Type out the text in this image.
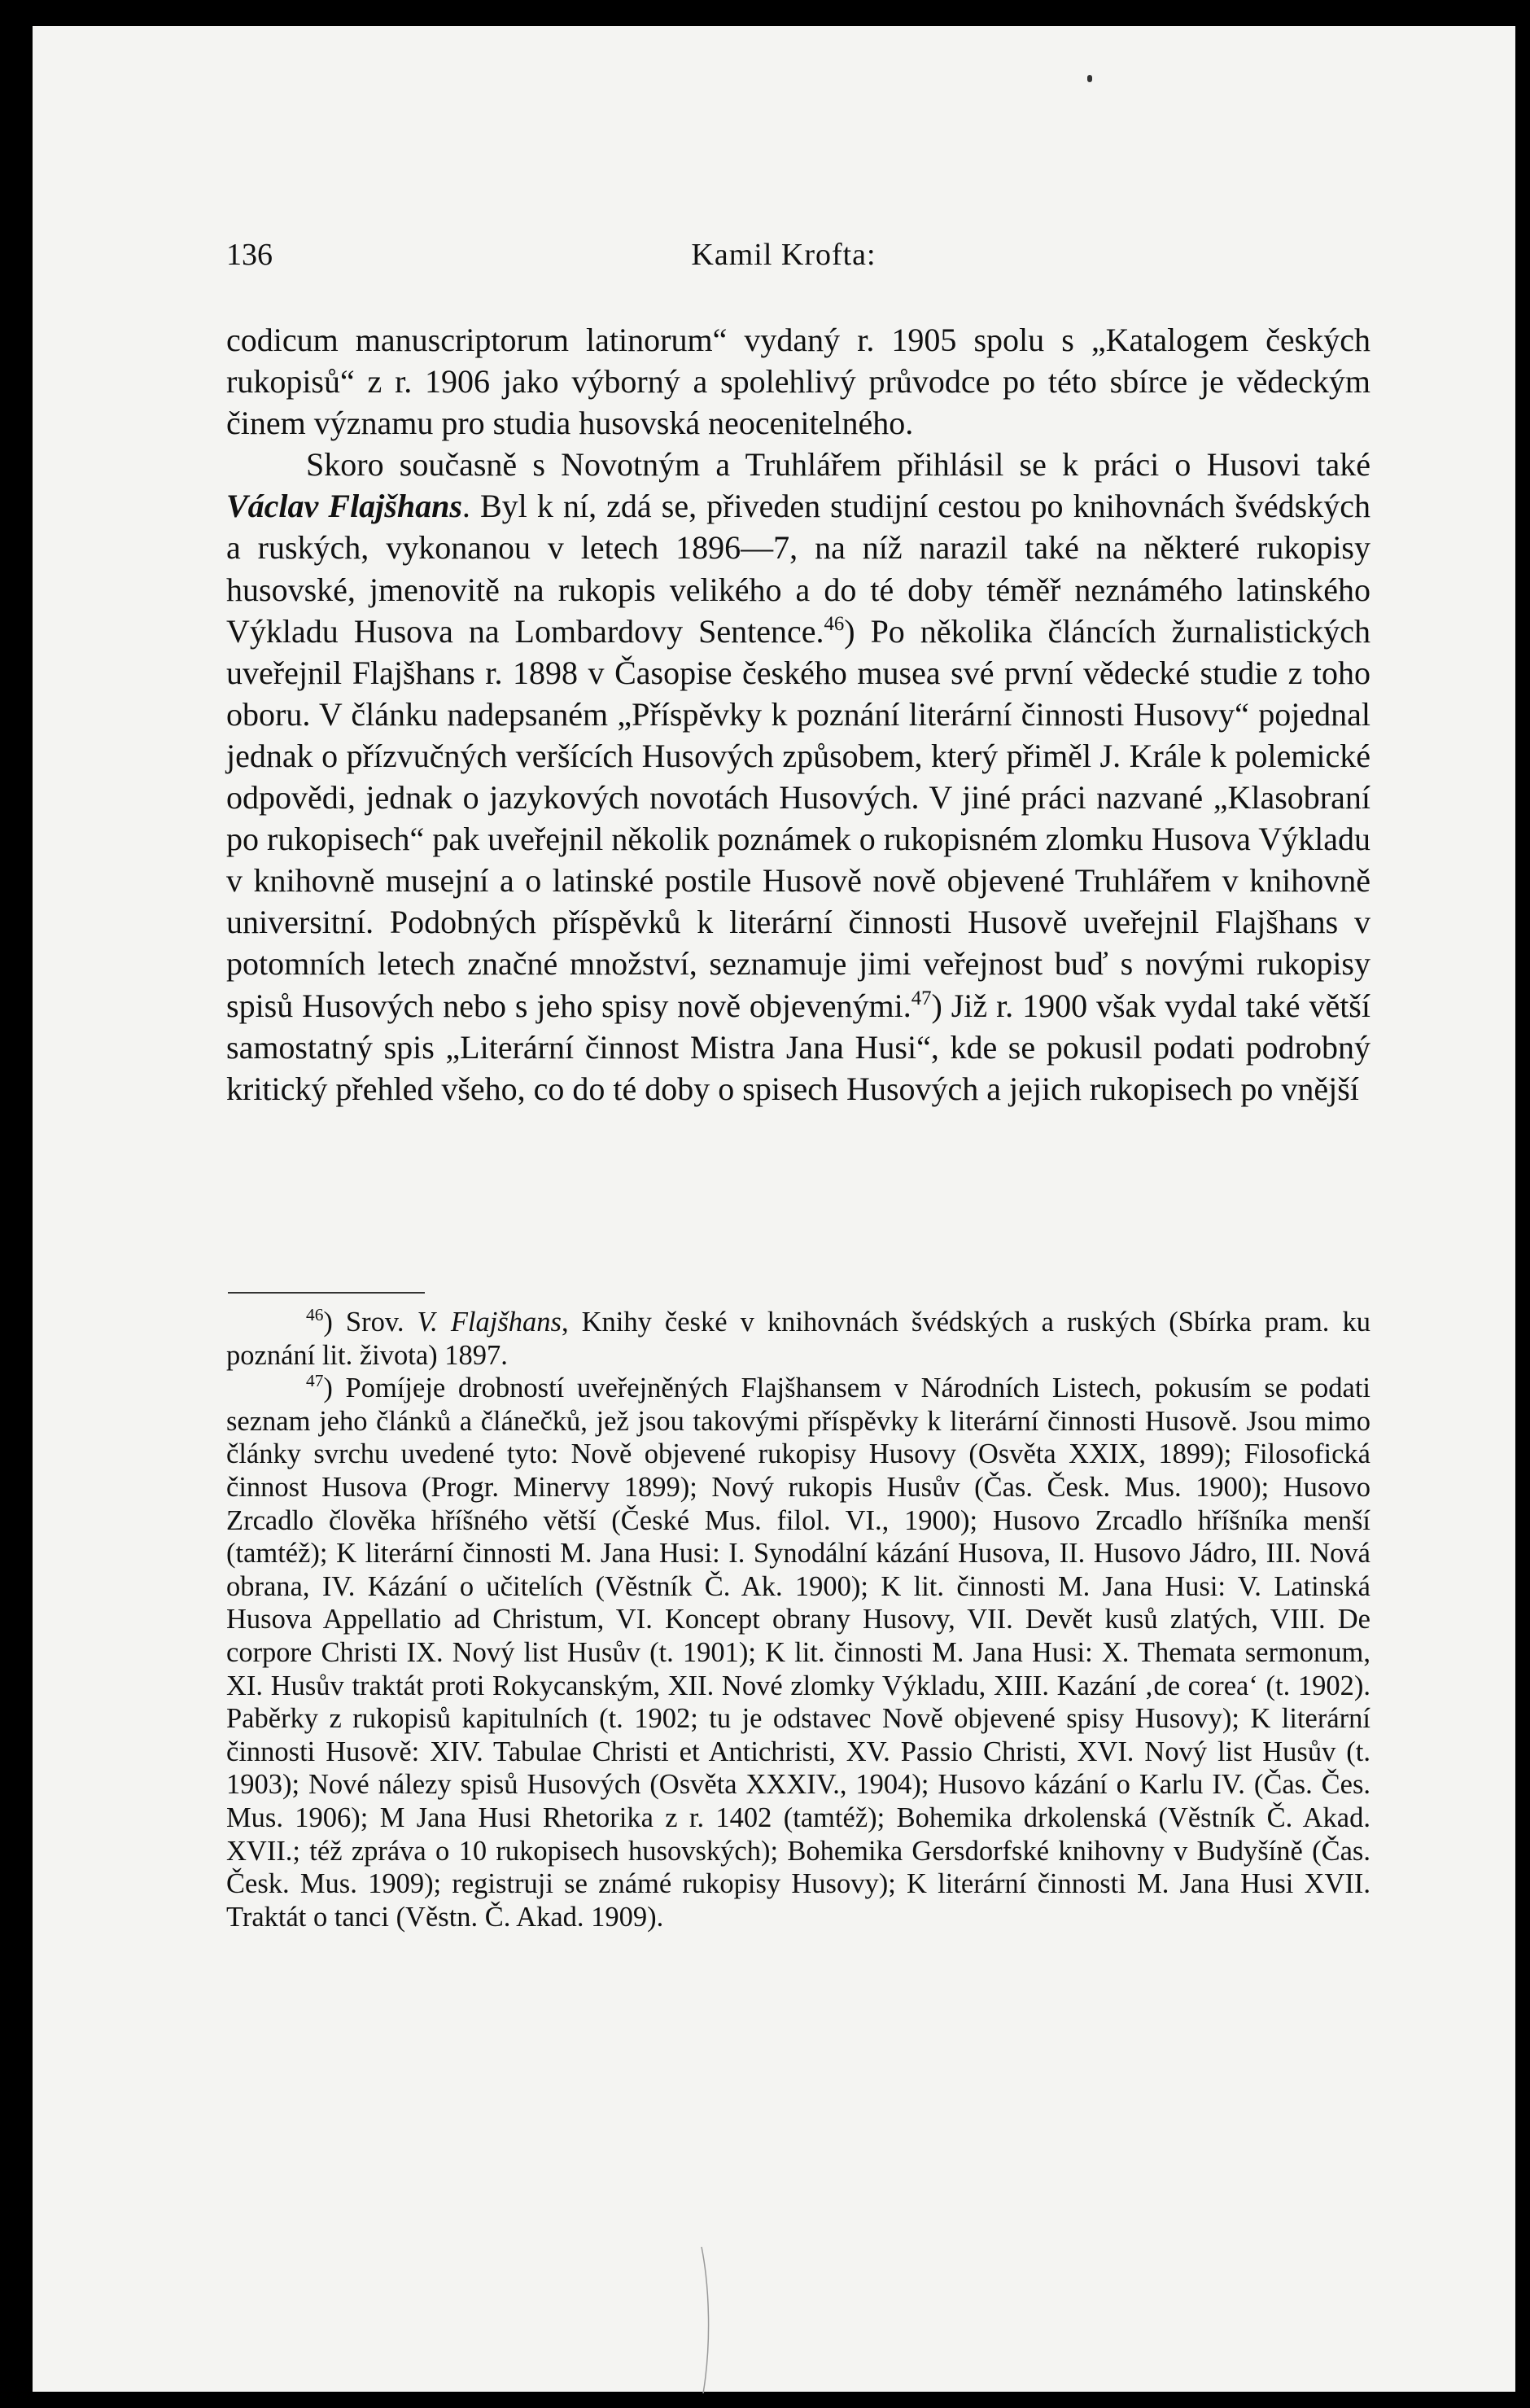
136	Kamil Krofta:

codicum manuscriptorum latinorum“ vydaný r. 1905 spolu s „Katalogem českých rukopisů“ z r. 1906 jako výborný a spolehlivý průvodce po této sbírce je vědeckým činem významu pro studia husovská neocenitelného.

Skoro současně s Novotným a Truhlářem přihlásil se k práci o Husovi také Václav Flajšhans. Byl k ní, zdá se, přiveden studijní cestou po knihovnách švédských a ruských, vykonanou v letech 1896—7, na níž narazil také na některé rukopisy husovské, jmenovitě na rukopis velikého a do té doby téměř neznámého latinského Výkladu Husova na Lombardovy Sentence.$^{46}$) Po několika článcích žurnalistických uveřejnil Flajšhans r. 1898 v Časopise českého musea své první vědecké studie z toho oboru. V článku nadepsaném „Příspěvky k poznání literární činnosti Husovy“ pojednal jednak o přízvučných veršících Husových způsobem, který přiměl J. Krále k polemické odpovědi, jednak o jazykových novotách Husových. V jiné práci nazvané „Klasobraní po rukopisech“ pak uveřejnil několik poznámek o rukopisném zlomku Husova Výkladu v knihovně musejní a o latinské postile Husově nově objevené Truhlářem v knihovně universitní. Podobných příspěvků k literární činnosti Husově uveřejnil Flajšhans v potomních letech značné množství, seznamuje jimi veřejnost buď s novými rukopisy spisů Husových nebo s jeho spisy nově objevenými.$^{47}$) Již r. 1900 však vydal také větší samostatný spis „Literární činnost Mistra Jana Husi“, kde se pokusil podati podrobný kritický přehled všeho, co do té doby o spisech Husových a jejich rukopisech po vnější

$^{46}$) Srov. V. Flajšhans, Knihy české v knihovnách švédských a ruských (Sbírka pram. ku poznání lit. života) 1897.

$^{47}$) Pomíjeje drobností uveřejněných Flajšhansem v Národních Listech, pokusím se podati seznam jeho článků a článečků, jež jsou takovými příspěvky k literární činnosti Husově. Jsou mimo články svrchu uvedené tyto: Nově objevené rukopisy Husovy (Osvěta XXIX, 1899); Filosofická činnost Husova (Progr. Minervy 1899); Nový rukopis Husův (Čas. Česk. Mus. 1900); Husovo Zrcadlo člověka hříšného větší (České Mus. filol. VI., 1900); Husovo Zrcadlo hříšníka menší (tamtéž); K literární činnosti M. Jana Husi: I. Synodální kázání Husova, II. Husovo Jádro, III. Nová obrana, IV. Kázání o učitelích (Věstník Č. Ak. 1900); K lit. činnosti M. Jana Husi: V. Latinská Husova Appellatio ad Christum, VI. Koncept obrany Husovy, VII. Devět kusů zlatých, VIII. De corpore Christi IX. Nový list Husův (t. 1901); K lit. činnosti M. Jana Husi: X. Themata sermonum, XI. Husův traktát proti Rokycanským, XII. Nové zlomky Výkladu, XIII. Kazání ‚de corea‘ (t. 1902). Paběrky z rukopisů kapitulních (t. 1902; tu je odstavec Nově objevené spisy Husovy); K literární činnosti Husově: XIV. Tabulae Christi et Antichristi, XV. Passio Christi, XVI. Nový list Husův (t. 1903); Nové nálezy spisů Husových (Osvěta XXXIV., 1904); Husovo kázání o Karlu IV. (Čas. Čes. Mus. 1906); M Jana Husi Rhetorika z r. 1402 (tamtéž); Bohemika drkolenská (Věstník Č. Akad. XVII.; též zpráva o 10 rukopisech husovských); Bohemika Gersdorfské knihovny v Budyšíně (Čas. Česk. Mus. 1909); registruji se známé rukopisy Husovy); K literární činnosti M. Jana Husi XVII. Traktát o tanci (Věstn. Č. Akad. 1909).
